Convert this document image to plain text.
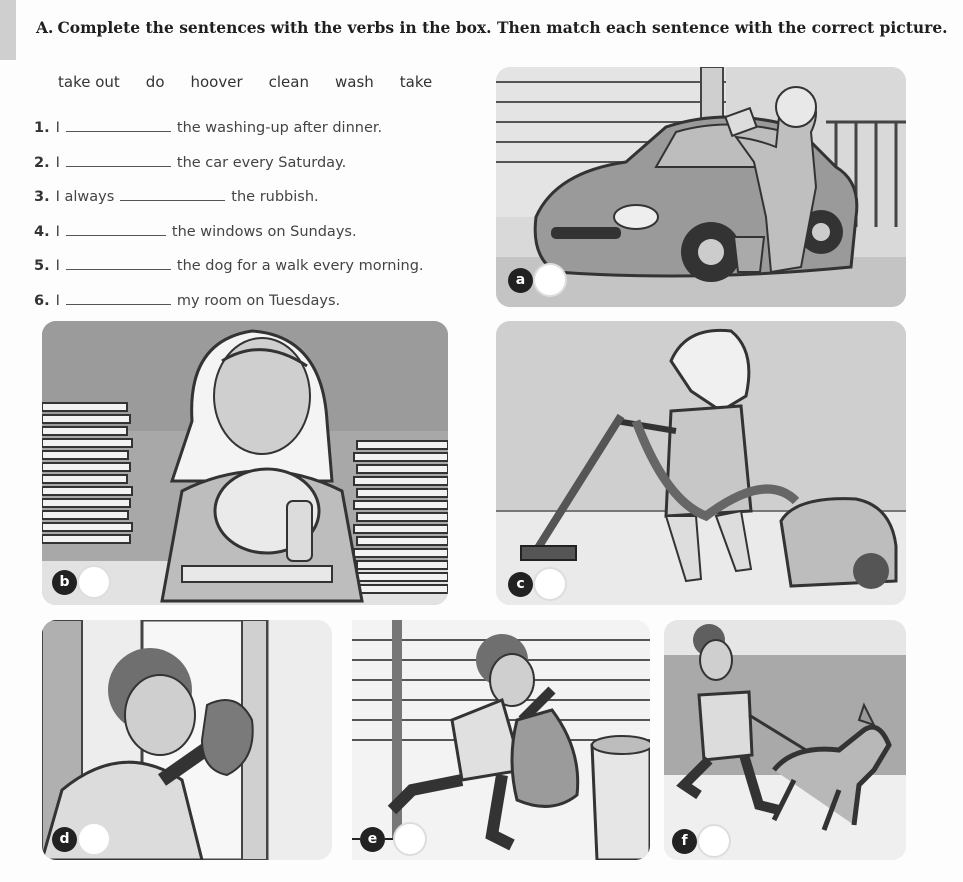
A. Complete the sentences with the verbs in the box. Then match each sentence with the correct picture.
take out do hoover clean wash take
1. I	the washing-up after dinner.
2. I	the car every Saturday.
3. I always	the rubbish.
4. I	the windows on Sundays.
5. I	the dog for a walk every morning.
6. I	my room on Tuesdays.
a
b	c
d	e	f
